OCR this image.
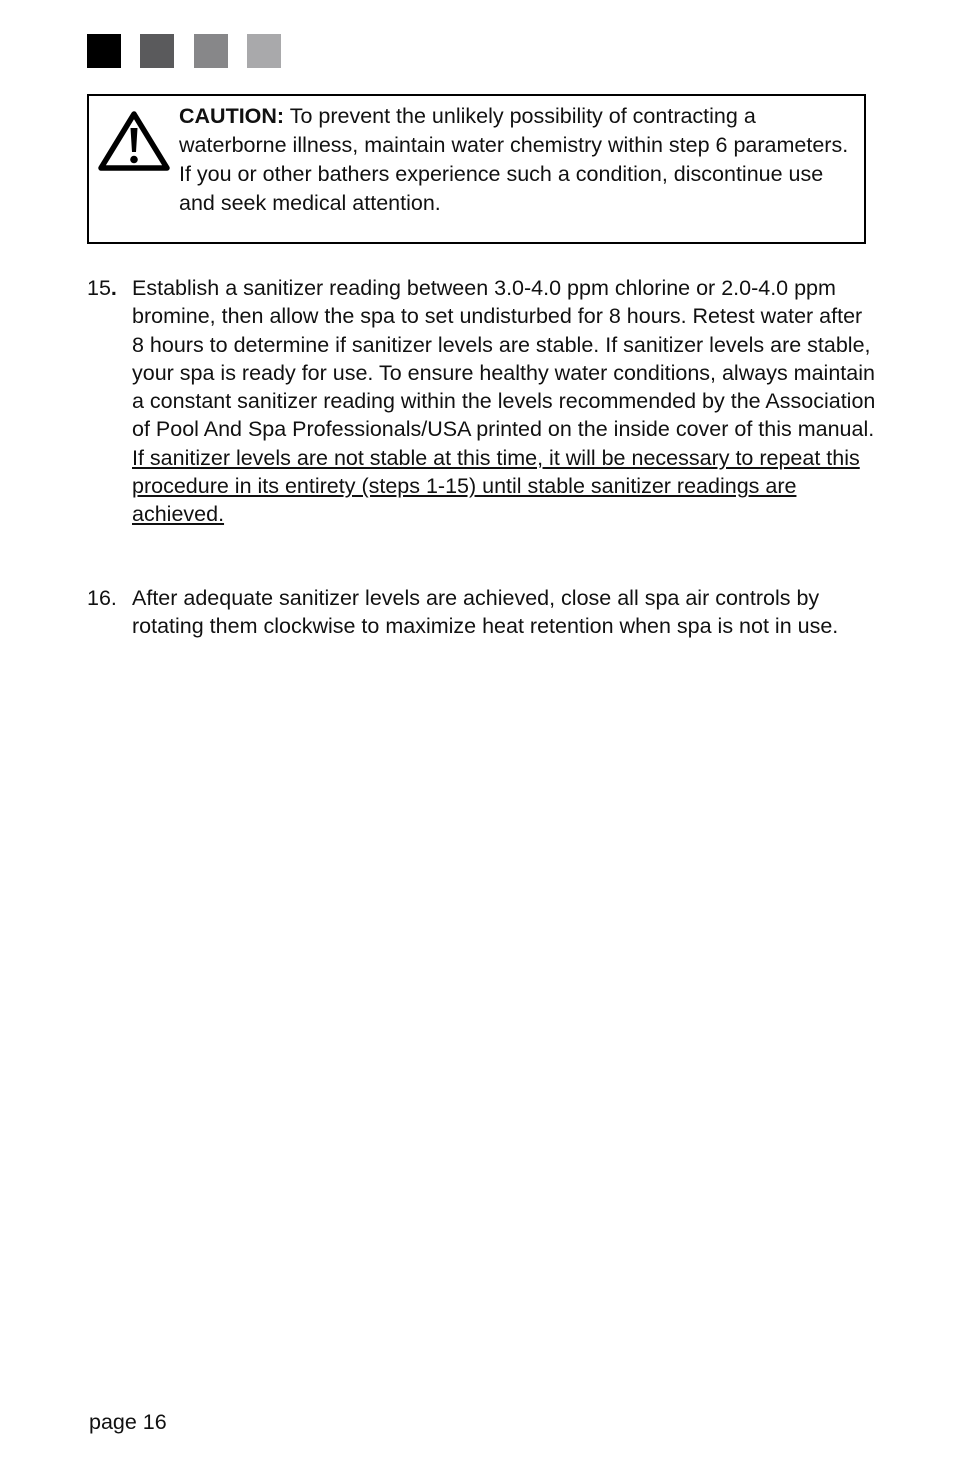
CAUTION: To prevent the unlikely possibility of contracting a waterborne illness, maintain water chemistry within step 6 parameters. If you or other bathers experience such a condition, discontinue use and seek medical attention.
15. Establish a sanitizer reading between 3.0-4.0 ppm chlorine or 2.0-4.0 ppm bromine, then allow the spa to set undisturbed for 8 hours. Retest water after 8 hours to determine if sanitizer levels are stable. If sanitizer levels are stable, your spa is ready for use. To ensure healthy water conditions, always maintain a constant sanitizer reading within the levels recommended by the Association of Pool And Spa Professionals/USA printed on the inside cover of this manual. If sanitizer levels are not stable at this time, it will be necessary to repeat this procedure in its entirety (steps 1-15) until stable sanitizer readings are achieved.
16. After adequate sanitizer levels are achieved, close all spa air controls by rotating them clockwise to maximize heat retention when spa is not in use.
page 16
